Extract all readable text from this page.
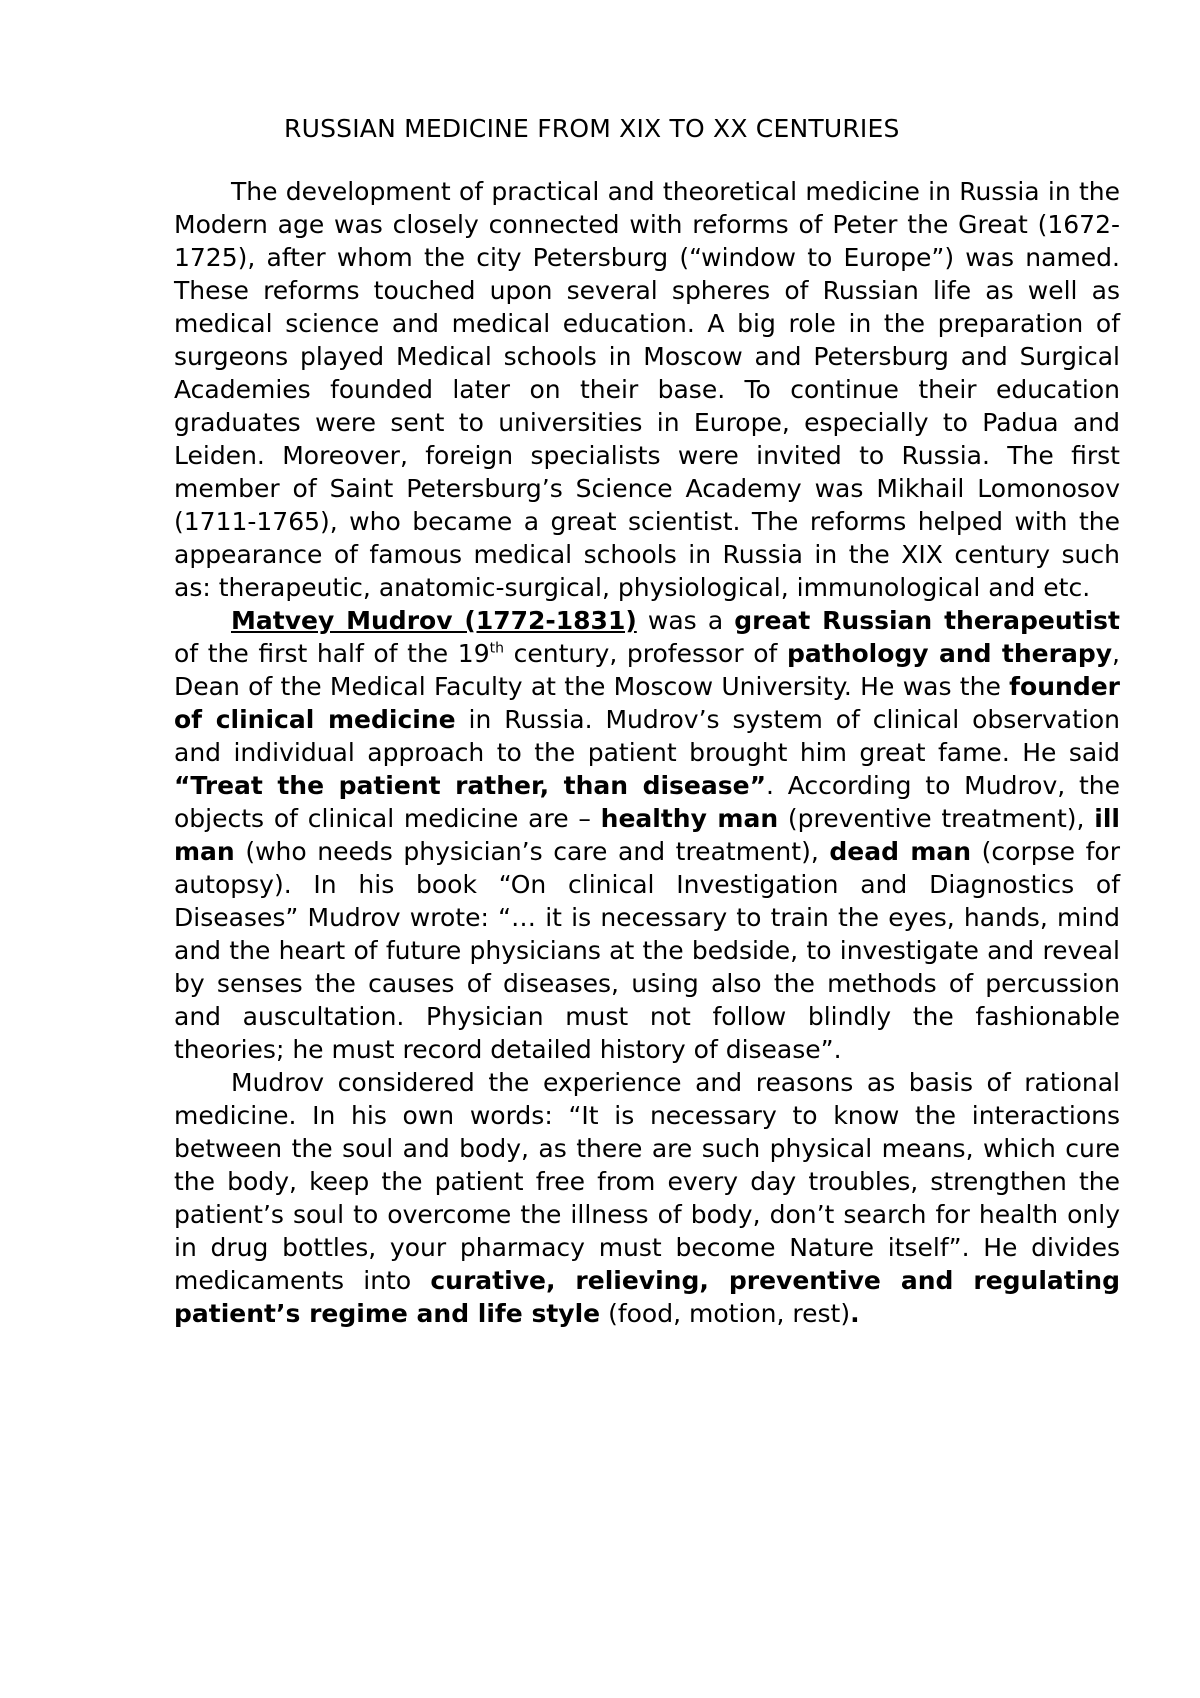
RUSSIAN MEDICINE FROM XIX TO XX CENTURIES

The development of practical and theoretical medicine in Russia in the Modern age was closely connected with reforms of Peter the Great (1672-1725), after whom the city Petersburg (“window to Europe”) was named. These reforms touched upon several spheres of Russian life as well as medical science and medical education. A big role in the preparation of surgeons played Medical schools in Moscow and Petersburg and Surgical Academies founded later on their base. To continue their education graduates were sent to universities in Europe, especially to Padua and Leiden. Moreover, foreign specialists were invited to Russia. The first member of Saint Petersburg’s Science Academy was Mikhail Lomonosov (1711-1765), who became a great scientist. The reforms helped with the appearance of famous medical schools in Russia in the XIX century such as: therapeutic, anatomic-surgical, physiological, immunological and etc.

Matvey Mudrov (1772-1831) was a great Russian therapeutist of the first half of the 19th century, professor of pathology and therapy, Dean of the Medical Faculty at the Moscow University. He was the founder of clinical medicine in Russia. Mudrov’s system of clinical observation and individual approach to the patient brought him great fame. He said “Treat the patient rather, than disease”. According to Mudrov, the objects of clinical medicine are – healthy man (preventive treatment), ill man (who needs physician’s care and treatment), dead man (corpse for autopsy). In his book “On clinical Investigation and Diagnostics of Diseases” Mudrov wrote: “… it is necessary to train the eyes, hands, mind and the heart of future physicians at the bedside, to investigate and reveal by senses the causes of diseases, using also the methods of percussion and auscultation. Physician must not follow blindly the fashionable theories; he must record detailed history of disease”.

Mudrov considered the experience and reasons as basis of rational medicine. In his own words: “It is necessary to know the interactions between the soul and body, as there are such physical means, which cure the body, keep the patient free from every day troubles, strengthen the patient’s soul to overcome the illness of body, don’t search for health only in drug bottles, your pharmacy must become Nature itself”. He divides medicaments into curative, relieving, preventive and regulating patient’s regime and life style (food, motion, rest).
